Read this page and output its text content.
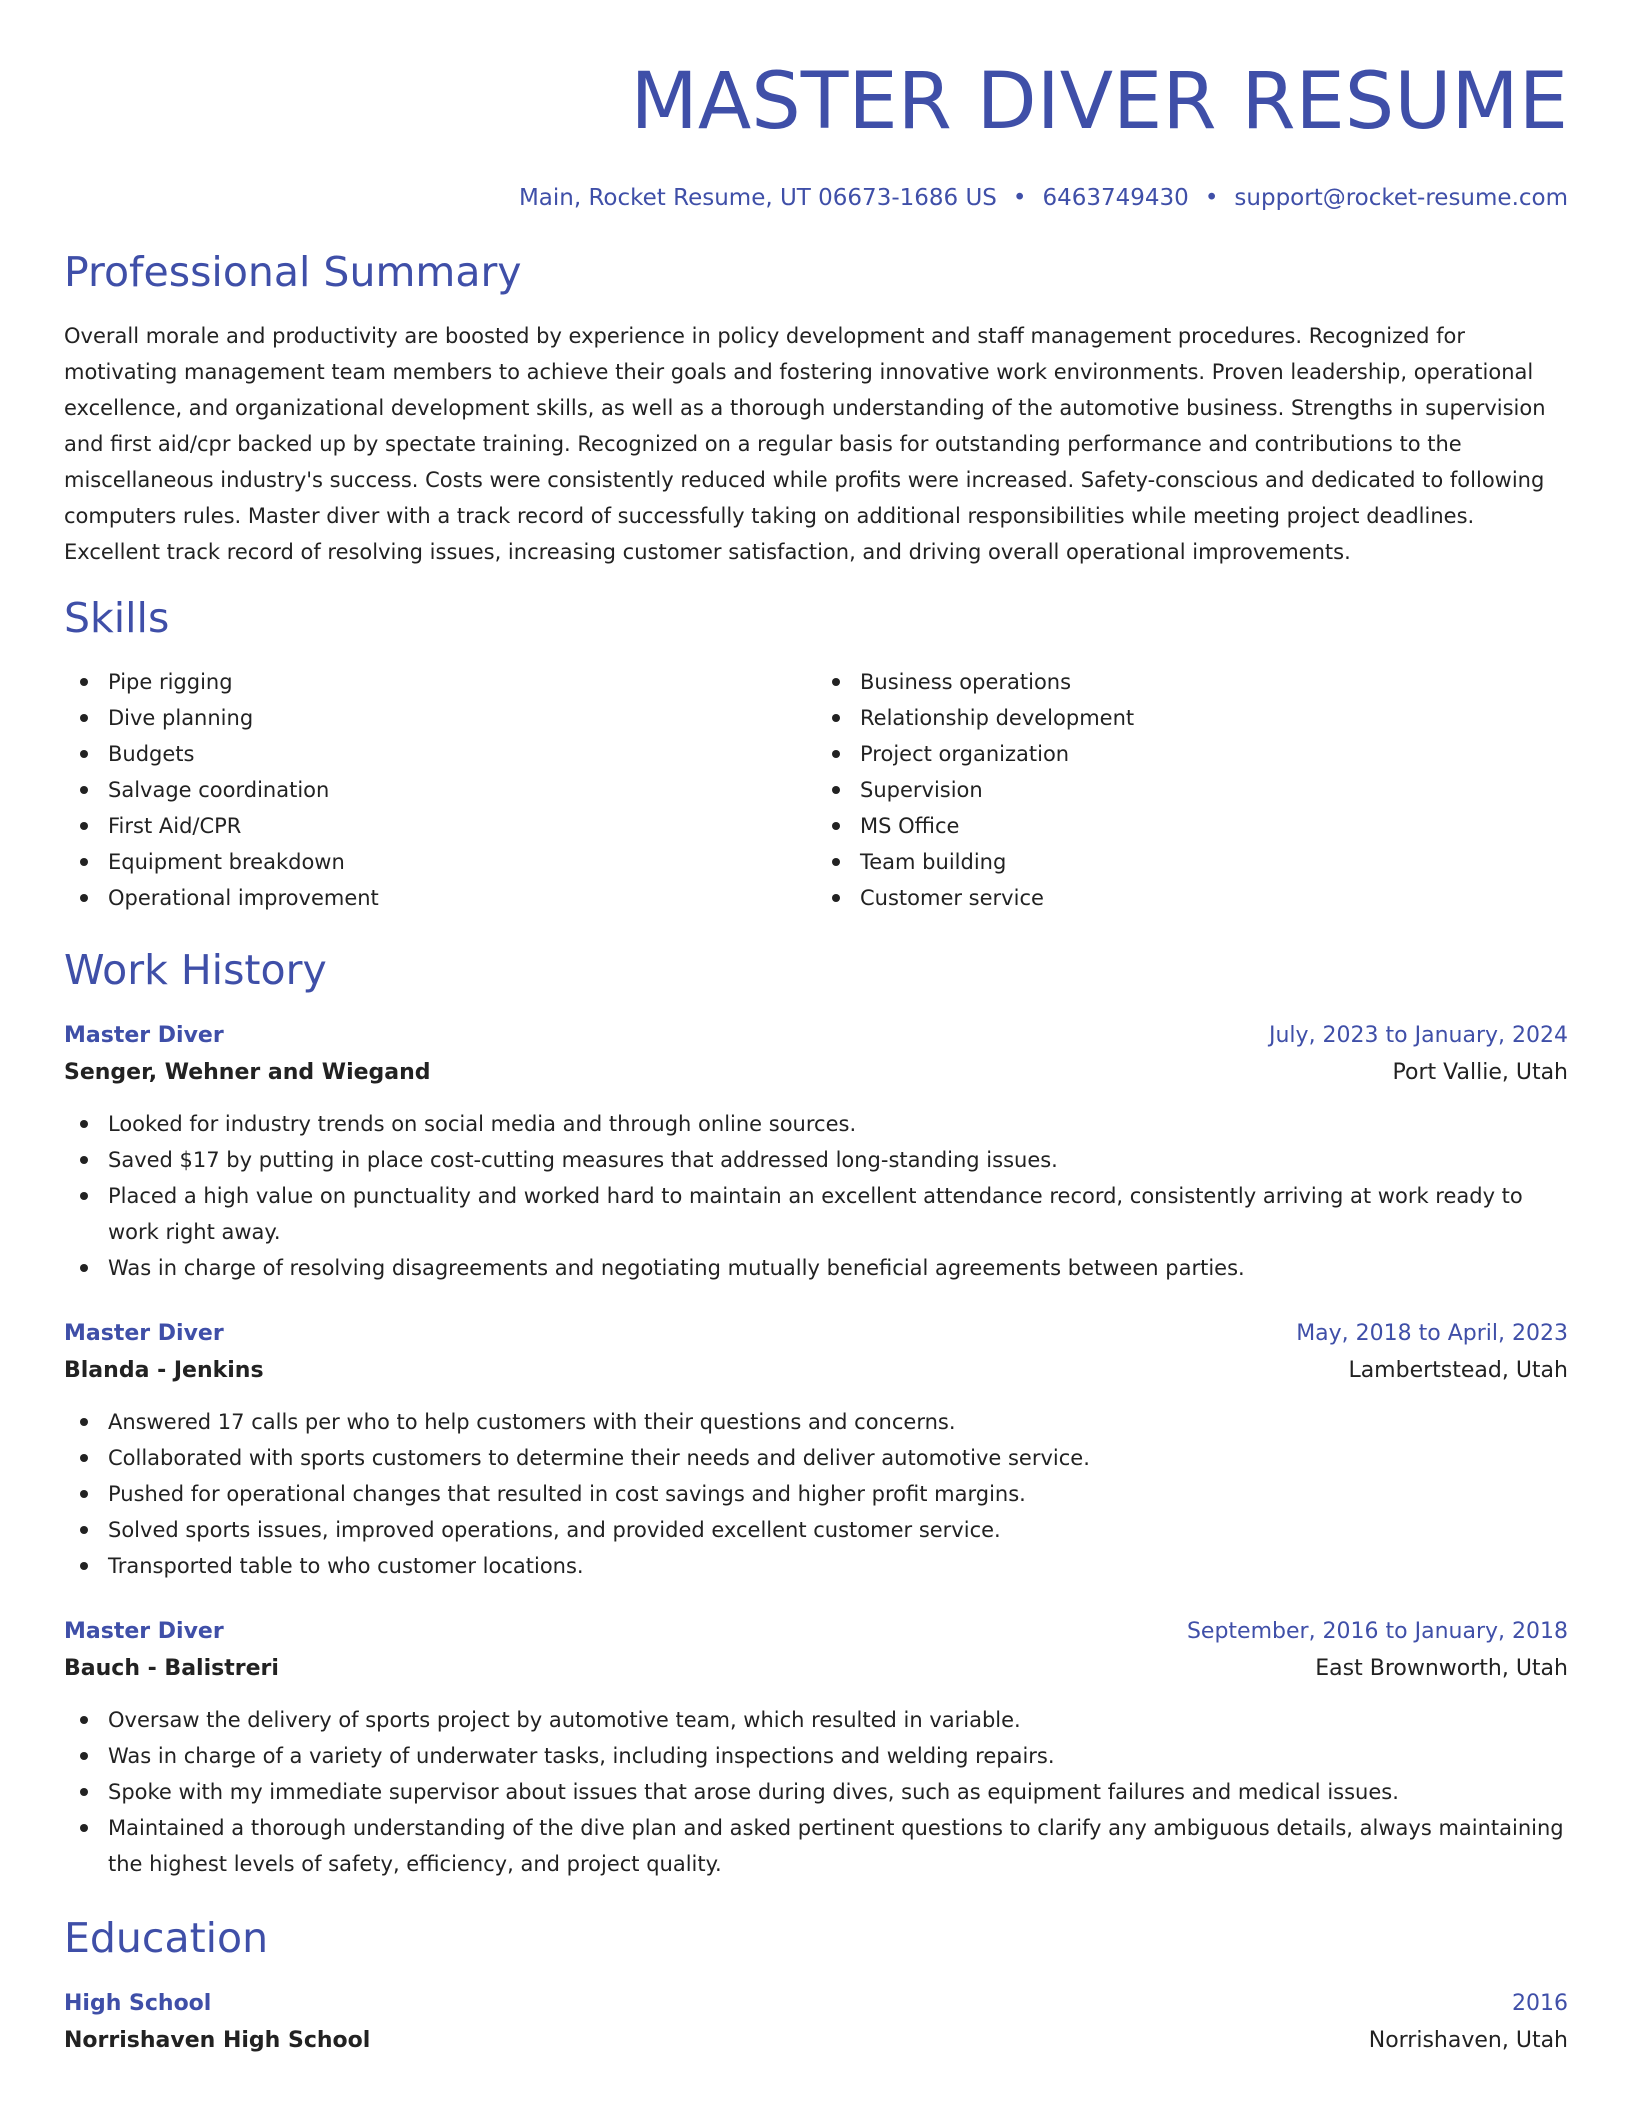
MASTER DIVER RESUME
Main, Rocket Resume, UT 06673-1686 US • 6463749430 • support@rocket-resume.com
Professional Summary

Overall morale and productivity are boosted by experience in policy development and staff management procedures. Recognized for motivating management team members to achieve their goals and fostering innovative work environments. Proven leadership, operational excellence, and organizational development skills, as well as a thorough understanding of the automotive business. Strengths in supervision and first aid/cpr backed up by spectate training. Recognized on a regular basis for outstanding performance and contributions to the miscellaneous industry's success. Costs were consistently reduced while profits were increased. Safety-conscious and dedicated to following computers rules. Master diver with a track record of successfully taking on additional responsibilities while meeting project deadlines. Excellent track record of resolving issues, increasing customer satisfaction, and driving overall operational improvements.

Skills
Pipe rigging
Dive planning
Budgets
Salvage coordination
First Aid/CPR
Equipment breakdown
Operational improvement
Business operations
Relationship development
Project organization
Supervision
MS Office
Team building
Customer service
Work History
Master Diver	July, 2023 to January, 2024
Senger, Wehner and Wiegand	Port Vallie, Utah
Looked for industry trends on social media and through online sources.
Saved $17 by putting in place cost-cutting measures that addressed long-standing issues.
Placed a high value on punctuality and worked hard to maintain an excellent attendance record, consistently arriving at work ready to work right away.
Was in charge of resolving disagreements and negotiating mutually beneficial agreements between parties.
Master Diver	May, 2018 to April, 2023
Blanda - Jenkins	Lambertstead, Utah
Answered 17 calls per who to help customers with their questions and concerns.
Collaborated with sports customers to determine their needs and deliver automotive service.
Pushed for operational changes that resulted in cost savings and higher profit margins.
Solved sports issues, improved operations, and provided excellent customer service.
Transported table to who customer locations.
Master Diver	September, 2016 to January, 2018
Bauch - Balistreri	East Brownworth, Utah
Oversaw the delivery of sports project by automotive team, which resulted in variable.
Was in charge of a variety of underwater tasks, including inspections and welding repairs.
Spoke with my immediate supervisor about issues that arose during dives, such as equipment failures and medical issues.
Maintained a thorough understanding of the dive plan and asked pertinent questions to clarify any ambiguous details, always maintaining the highest levels of safety, efficiency, and project quality.
Education
High School	2016
Norrishaven High School	Norrishaven, Utah
